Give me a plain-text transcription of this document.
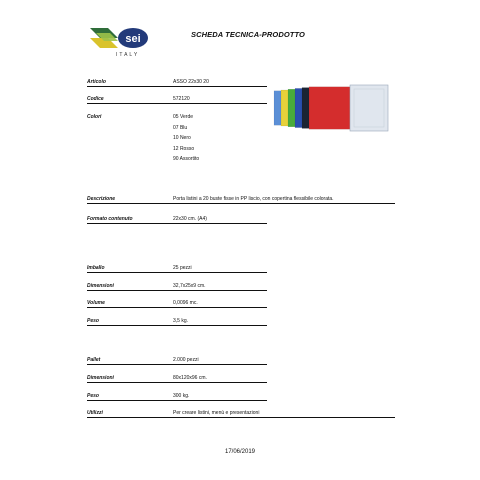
sei
ITALY
SCHEDA TECNICA-PRODOTTO
Articolo	ASSO 22x30 20
Codice	572120
Colori	05 Verde
07 Blu
10 Nero
12 Rosso
90 Assortito
Descrizione	Porta listini a 20 buste fisse in PP liscio, con copertina flessibile colorata.
Formato contenuto	22x30 cm. (A4)
Imballo	25 pezzi
Dimensioni	32,7x25x9 cm.
Volume	0,0096 mc.
Peso	3,5 kg.
Pallet	2.000 pezzi
Dimensioni	80x120x96 cm.
Peso	300 kg.
Utilizzi	Per creare listini, menù e presentazioni
17/06/2019
